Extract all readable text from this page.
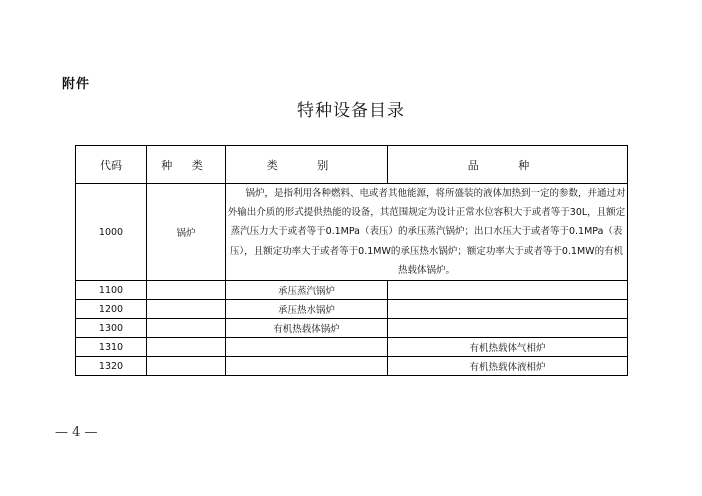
附件
特种设备目录
代码	种 类	类 别	品 种
1000	锅炉	锅炉，是指利用各种燃料、电或者其他能源，将所盛装的液体加热到一定的参数，并通过对外输出介质的形式提供热能的设备，其范围规定为设计正常水位容积大于或者等于30L，且额定蒸汽压力大于或者等于0.1MPa（表压）的承压蒸汽锅炉；出口水压大于或者等于0.1MPa（表压），且额定功率大于或者等于0.1MW的承压热水锅炉；额定功率大于或者等于0.1MW的有机热载体锅炉。	
1100		承压蒸汽锅炉	
1200		承压热水锅炉	
1300		有机热载体锅炉	
1310			有机热载体气相炉
1320			有机热载体液相炉
— 4 —
